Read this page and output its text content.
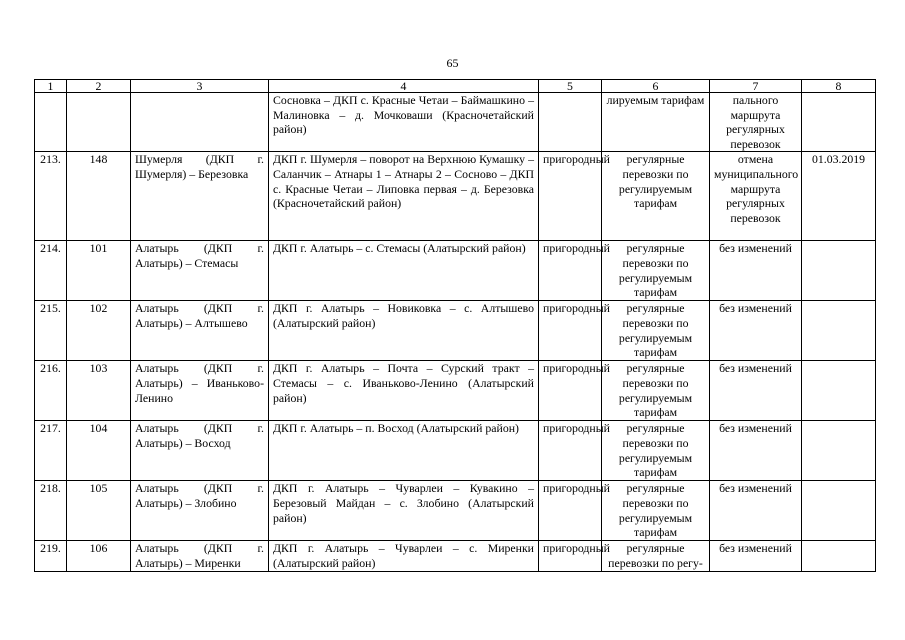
65
1	2	3	4	5	6	7	8
			Сосновка – ДКП с. Красные Четаи – Баймашкино – Малиновка – д. Мочковаши (Красночетайский район)		лируемым тарифам	пального маршрута регулярных перевозок	
213.	148	Шумерля (ДКП г. Шумерля) – Березовка	ДКП г. Шумерля – поворот на Верхнюю Кумашку – Саланчик – Атнары 1 – Атнары 2 – Сосново – ДКП с. Красные Четаи – Липовка первая – д. Березовка (Красночетайский район)	пригородный	регулярные перевозки по регулируемым тарифам	отмена муниципального маршрута регулярных перевозок	01.03.2019
214.	101	Алатырь (ДКП г. Алатырь) – Стемасы	ДКП г. Алатырь – с. Стемасы (Алатырский район)	пригородный	регулярные перевозки по регулируемым тарифам	без изменений	
215.	102	Алатырь (ДКП г. Алатырь) – Алтышево	ДКП г. Алатырь – Новиковка – с. Алтышево (Алатырский район)	пригородный	регулярные перевозки по регулируемым тарифам	без изменений	
216.	103	Алатырь (ДКП г. Алатырь) – Иваньково-Ленино	ДКП г. Алатырь – Почта – Сурский тракт – Стемасы – с. Иваньково-Ленино (Алатырский район)	пригородный	регулярные перевозки по регулируемым тарифам	без изменений	
217.	104	Алатырь (ДКП г. Алатырь) – Восход	ДКП г. Алатырь – п. Восход (Алатырский район)	пригородный	регулярные перевозки по регулируемым тарифам	без изменений	
218.	105	Алатырь (ДКП г. Алатырь) – Злобино	ДКП г. Алатырь – Чуварлеи – Кувакино – Березовый Майдан – с. Злобино (Алатырский район)	пригородный	регулярные перевозки по регулируемым тарифам	без изменений	
219.	106	Алатырь (ДКП г. Алатырь) – Миренки	ДКП г. Алатырь – Чуварлеи – с. Миренки (Алатырский район)	пригородный	регулярные перевозки по регу-	без изменений	
